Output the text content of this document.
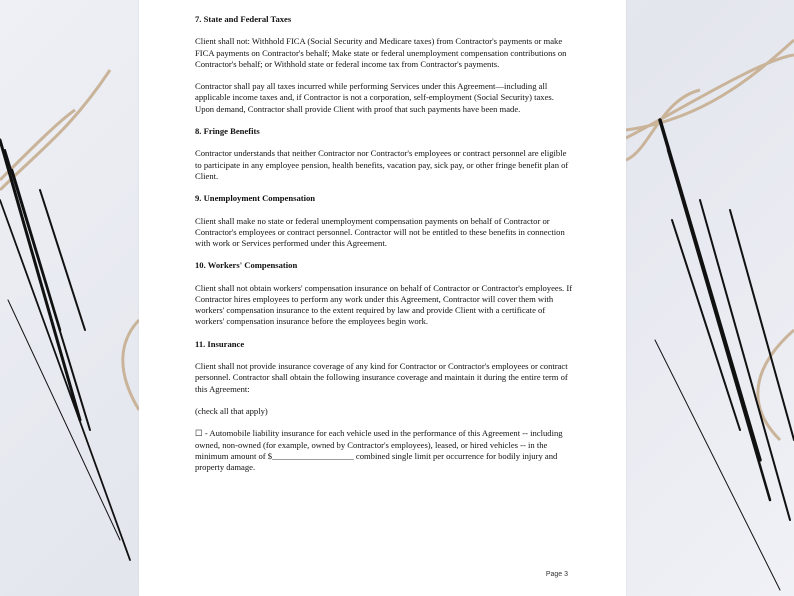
7. State and Federal Taxes

Client shall not: Withhold FICA (Social Security and Medicare taxes) from Contractor's payments or make FICA payments on Contractor's behalf; Make state or federal unemployment compensation contributions on Contractor's behalf; or Withhold state or federal income tax from Contractor's payments.

Contractor shall pay all taxes incurred while performing Services under this Agreement—including all applicable income taxes and, if Contractor is not a corporation, self-employment (Social Security) taxes. Upon demand, Contractor shall provide Client with proof that such payments have been made.

8. Fringe Benefits

Contractor understands that neither Contractor nor Contractor's employees or contract personnel are eligible to participate in any employee pension, health benefits, vacation pay, sick pay, or other fringe benefit plan of Client.

9. Unemployment Compensation

Client shall make no state or federal unemployment compensation payments on behalf of Contractor or Contractor's employees or contract personnel. Contractor will not be entitled to these benefits in connection with work or Services performed under this Agreement.

10. Workers' Compensation

Client shall not obtain workers' compensation insurance on behalf of Contractor or Contractor's employees. If Contractor hires employees to perform any work under this Agreement, Contractor will cover them with workers' compensation insurance to the extent required by law and provide Client with a certificate of workers' compensation insurance before the employees begin work.

11. Insurance

Client shall not provide insurance coverage of any kind for Contractor or Contractor's employees or contract personnel. Contractor shall obtain the following insurance coverage and maintain it during the entire term of this Agreement:

(check all that apply)

☐ - Automobile liability insurance for each vehicle used in the performance of this Agreement -- including owned, non-owned (for example, owned by Contractor's employees), leased, or hired vehicles -- in the minimum amount of $___________________ combined single limit per occurrence for bodily injury and property damage.

Page 3
